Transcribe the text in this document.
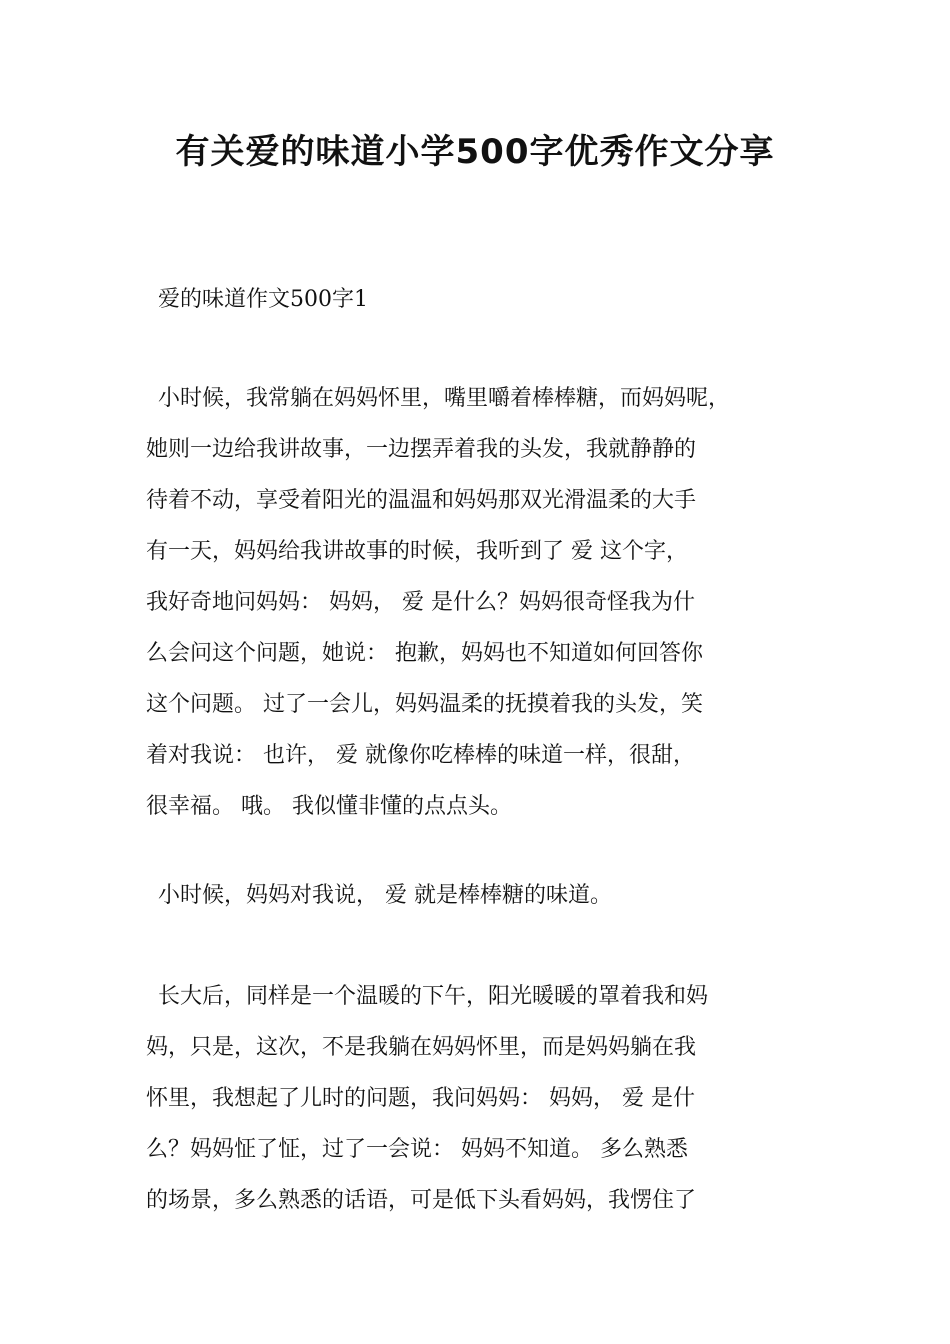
有关爱的味道小学500字优秀作文分享
爱的味道作文500字1
小时候，我常躺在妈妈怀里，嘴里嚼着棒棒糖，而妈妈呢，
她则一边给我讲故事，一边摆弄着我的头发，我就静静的
待着不动，享受着阳光的温温和妈妈那双光滑温柔的大手
有一天，妈妈给我讲故事的时候，我听到了 爱 这个字，
我好奇地问妈妈： 妈妈， 爱 是什么？妈妈很奇怪我为什
么会问这个问题，她说： 抱歉，妈妈也不知道如何回答你
这个问题。 过了一会儿，妈妈温柔的抚摸着我的头发，笑
着对我说： 也许， 爱 就像你吃棒棒的味道一样，很甜，
很幸福。 哦。 我似懂非懂的点点头。
小时候，妈妈对我说， 爱 就是棒棒糖的味道。
长大后，同样是一个温暖的下午，阳光暖暖的罩着我和妈
妈，只是，这次，不是我躺在妈妈怀里，而是妈妈躺在我
怀里，我想起了儿时的问题，我问妈妈： 妈妈， 爱 是什
么？妈妈怔了怔，过了一会说： 妈妈不知道。 多么熟悉
的场景，多么熟悉的话语，可是低下头看妈妈，我愣住了
